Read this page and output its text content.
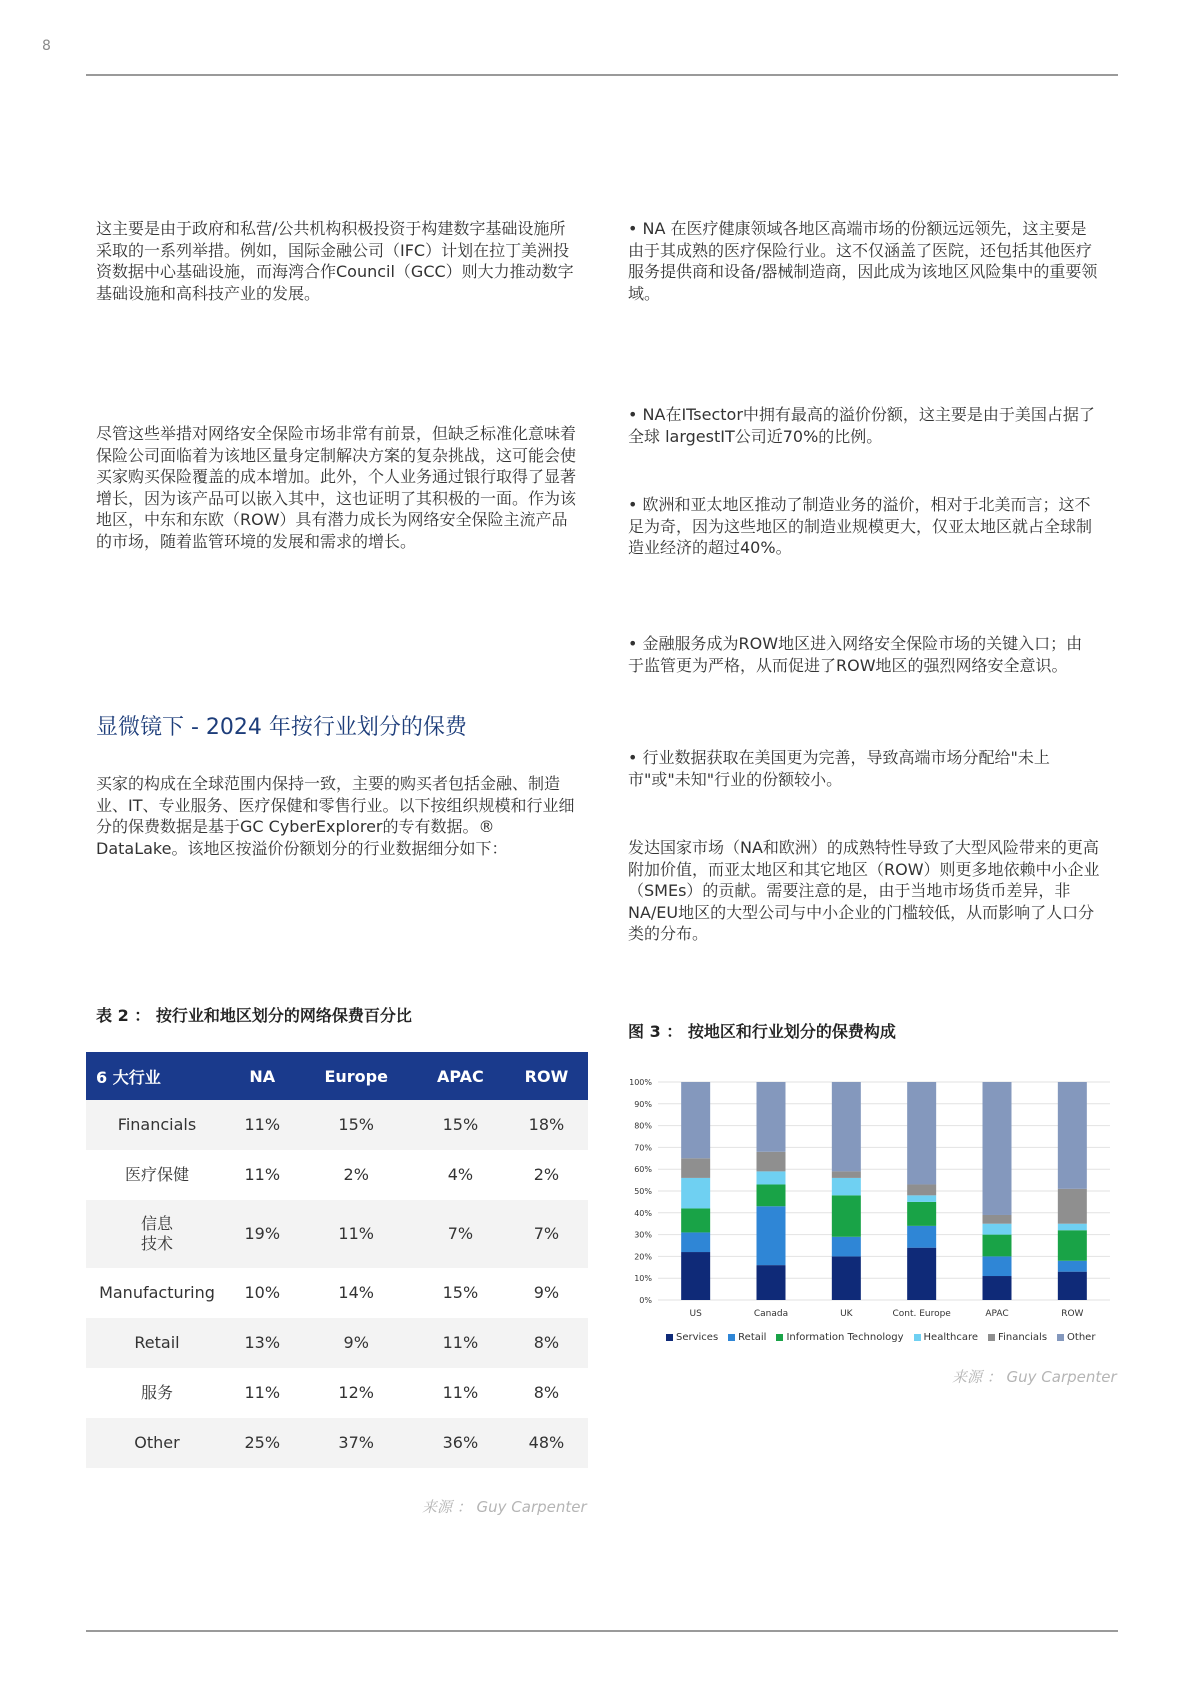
8

这主要是由于政府和私营/公共机构积极投资于构建数字基础设施所采取的一系列举措。例如，国际金融公司（IFC）计划在拉丁美洲投资数据中心基础设施，而海湾合作Council（GCC）则大力推动数字基础设施和高科技产业的发展。

尽管这些举措对网络安全保险市场非常有前景，但缺乏标准化意味着保险公司面临着为该地区量身定制解决方案的复杂挑战，这可能会使买家购买保险覆盖的成本增加。此外，个人业务通过银行取得了显著增长，因为该产品可以嵌入其中，这也证明了其积极的一面。作为该地区，中东和东欧（ROW）具有潜力成长为网络安全保险主流产品的市场，随着监管环境的发展和需求的增长。

显微镜下 - 2024 年按行业划分的保费

买家的构成在全球范围内保持一致，主要的购买者包括金融、制造业、IT、专业服务、医疗保健和零售行业。以下按组织规模和行业细分的保费数据是基于GC CyberExplorer的专有数据。® DataLake。该地区按溢价份额划分的行业数据细分如下：

• NA 在医疗健康领域各地区高端市场的份额远远领先，这主要是由于其成熟的医疗保险行业。这不仅涵盖了医院，还包括其他医疗服务提供商和设备/器械制造商，因此成为该地区风险集中的重要领域。

• NA在ITsector中拥有最高的溢价份额，这主要是由于美国占据了全球 largestIT公司近70%的比例。

• 欧洲和亚太地区推动了制造业务的溢价，相对于北美而言；这不足为奇，因为这些地区的制造业规模更大，仅亚太地区就占全球制造业经济的超过40%。

• 金融服务成为ROW地区进入网络安全保险市场的关键入口；由于监管更为严格，从而促进了ROW地区的强烈网络安全意识。

• 行业数据获取在美国更为完善，导致高端市场分配给"未上市"或"未知"行业的份额较小。

发达国家市场（NA和欧洲）的成熟特性导致了大型风险带来的更高附加价值，而亚太地区和其它地区（ROW）则更多地依赖中小企业（SMEs）的贡献。需要注意的是，由于当地市场货币差异，非NA/EU地区的大型公司与中小企业的门槛较低，从而影响了人口分类的分布。

表 2 ： 按行业和地区划分的网络保费百分比
6 大行业	NA	Europe	APAC	ROW
Financials	11%	15%	15%	18%
医疗保健	11%	2%	4%	2%
信息
技术	19%	11%	7%	7%
Manufacturing	10%	14%	15%	9%
Retail	13%	9%	11%	8%
服务	11%	12%	11%	8%
Other	25%	37%	36%	48%
来源 ： Guy Carpenter
图 3 ： 按地区和行业划分的保费构成
0%
10%
20%
30%
40%
50%
60%
70%
80%
90%
100%
US	Canada	UK	Cont. Europe	APAC	ROW
Services Retail Information Technology Healthcare Financials Other
来源 ： Guy Carpenter
